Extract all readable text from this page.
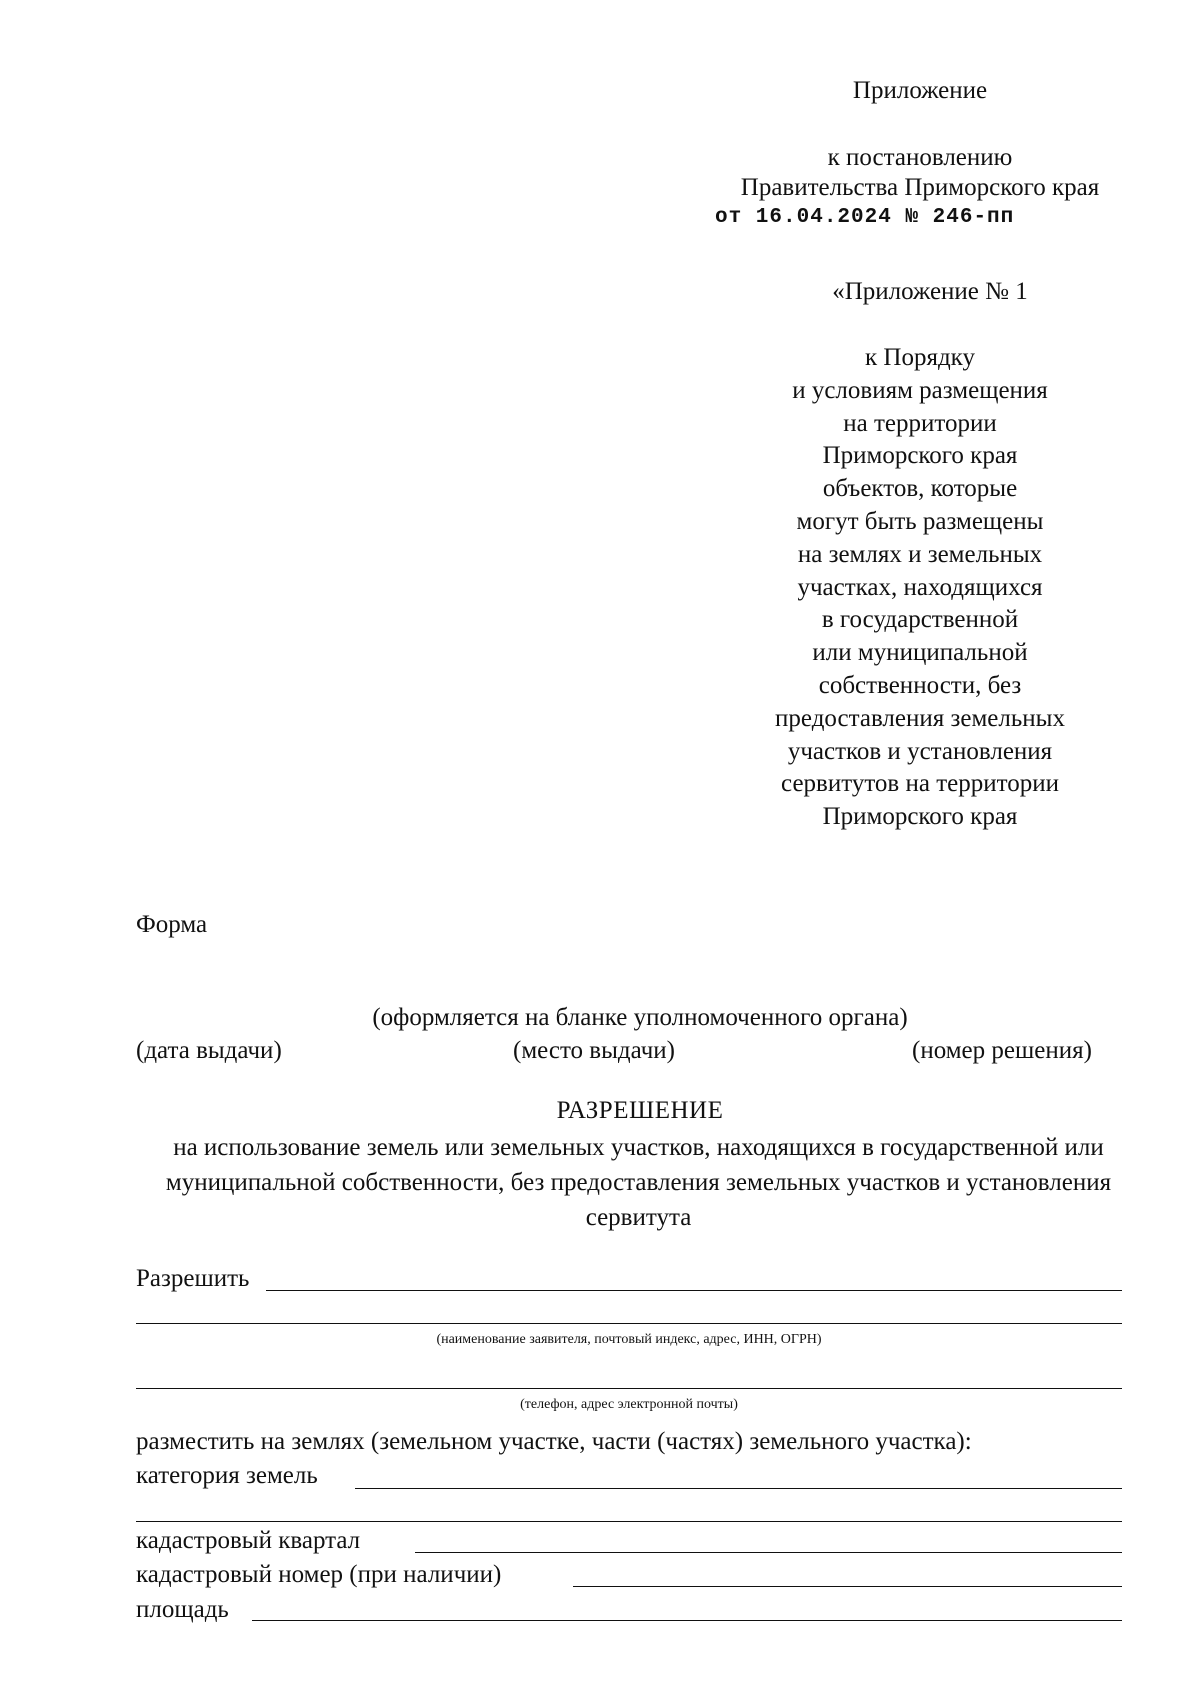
Приложение
к постановлению
Правительства Приморского края
от 16.04.2024 № 246-пп
«Приложение № 1
к Порядку
и условиям размещения
на территории
Приморского края
объектов, которые
могут быть размещены
на землях и земельных
участках, находящихся
в государственной
или муниципальной
собственности, без
предоставления земельных
участков и установления
сервитутов на территории
Приморского края
Форма
(оформляется на бланке уполномоченного органа)
(дата выдачи)	(место выдачи)	(номер решения)
РАЗРЕШЕНИЕ
на использование земель или земельных участков, находящихся в государственной или муниципальной собственности, без предоставления земельных участков и установления сервитута
Разрешить
(наименование заявителя, почтовый индекс, адрес, ИНН, ОГРН)
(телефон, адрес электронной почты)
разместить на землях (земельном участке, части (частях) земельного участка):
категория земель
кадастровый квартал
кадастровый номер (при наличии)
площадь
